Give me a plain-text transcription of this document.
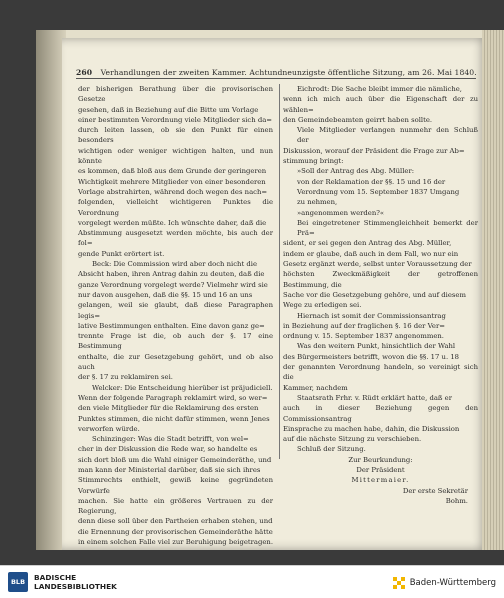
260 Verhandlungen der zweiten Kammer. Achtundneunzigste öffentliche Sitzung, am 26. Mai 1840.

der bisherigen Berathung über die provisorischen Gesetze

gesehen, daß in Beziehung auf die Bitte um Vorlage

einer bestimmten Verordnung viele Mitglieder sich da=

durch leiten lassen, ob sie den Punkt für einen besonders

wichtigen oder weniger wichtigen halten, und nun könnte

es kommen, daß bloß aus dem Grunde der geringeren

Wichtigkeit mehrere Mitglieder von einer besonderen

Vorlage abstrahirten, während doch wegen des nach=

folgenden, vielleicht wichtigeren Punktes die Verordnung

vorgelegt werden müßte. Ich wünschte daher, daß die

Abstimmung ausgesetzt werden möchte, bis auch der fol=

gende Punkt erörtert ist.

Beck: Die Commission wird aber doch nicht die

Absicht haben, ihren Antrag dahin zu deuten, daß die

ganze Verordnung vorgelegt werde? Vielmehr wird sie

nur davon ausgehen, daß die §§. 15 und 16 an uns

gelangen, weil sie glaubt, daß diese Paragraphen legis=

lative Bestimmungen enthalten. Eine davon ganz ge=

trennte Frage ist die, ob auch der §. 17 eine Bestimmung

enthalte, die zur Gesetzgebung gehört, und ob also auch

der §. 17 zu reklamiren sei.

Welcker: Die Entscheidung hierüber ist präjudiciell.

Wenn der folgende Paragraph reklamirt wird, so wer=

den viele Mitglieder für die Reklamirung des ersten

Punktes stimmen, die nicht dafür stimmen, wenn Jenes

verworfen würde.

Schinzinger: Was die Stadt betrifft, von wel=

cher in der Diskussion die Rede war, so handelte es

sich dort bloß um die Wahl einiger Gemeinderäthe, und

man kann der Ministerial darüber, daß sie sich ihres

Stimmrechts enthielt, gewiß keine gegründeten Vorwürfe

machen. Sie hatte ein größeres Vertrauen zu der Regierung,

denn diese soll über den Partheien erhaben stehen, und

die Ernennung der provisorischen Gemeinderäthe hätte

in einem solchen Falle viel zur Beruhigung beigetragen.

Eichrodt: Die Sache bleibt immer die nämliche,

wenn ich mich auch über die Eigenschaft der zu wählen=

den Gemeindebeamten geirrt haben sollte.

Viele Mitglieder verlangen nunmehr den Schluß der

Diskussion, worauf der Präsident die Frage zur Ab=

stimmung bringt:

»Soll der Antrag des Abg. Müller:

von der Reklamation der §§. 15 und 16 der

Verordnung vom 15. September 1837 Umgang

zu nehmen,

»angenommen werden?«

Bei eingetretener Stimmengleichheit bemerkt der Prä=

sident, er sei gegen den Antrag des Abg. Müller,

indem er glaube, daß auch in dem Fall, wo nur ein

Gesetz ergänzt werde, selbst unter Voraussetzung der

höchsten Zweckmäßigkeit der getroffenen Bestimmung, die

Sache vor die Gesetzgebung gehöre, und auf diesem

Wege zu erledigen sei.

Hiernach ist somit der Commissionsantrag

in Beziehung auf der fraglichen §. 16 der Ver=

ordnung v. 15. September 1837 angenommen.

Was den weitern Punkt, hinsichtlich der Wahl

des Bürgermeisters betrifft, wovon die §§. 17 u. 18

der genannten Verordnung handeln, so vereinigt sich die

Kammer, nachdem

Staatsrath Frhr. v. Rüdt erklärt hatte, daß er

auch in dieser Beziehung gegen den Commissionsantrag

Einsprache zu machen habe, dahin, die Diskussion

auf die nächste Sitzung zu verschieben.

Schluß der Sitzung.

Zur Beurkundung:

Der Präsident

Mittermaier.

Der erste Sekretär

Bohm.

BLB	BADISCHE
LANDESBIBLIOTHEK	Baden-Württemberg
